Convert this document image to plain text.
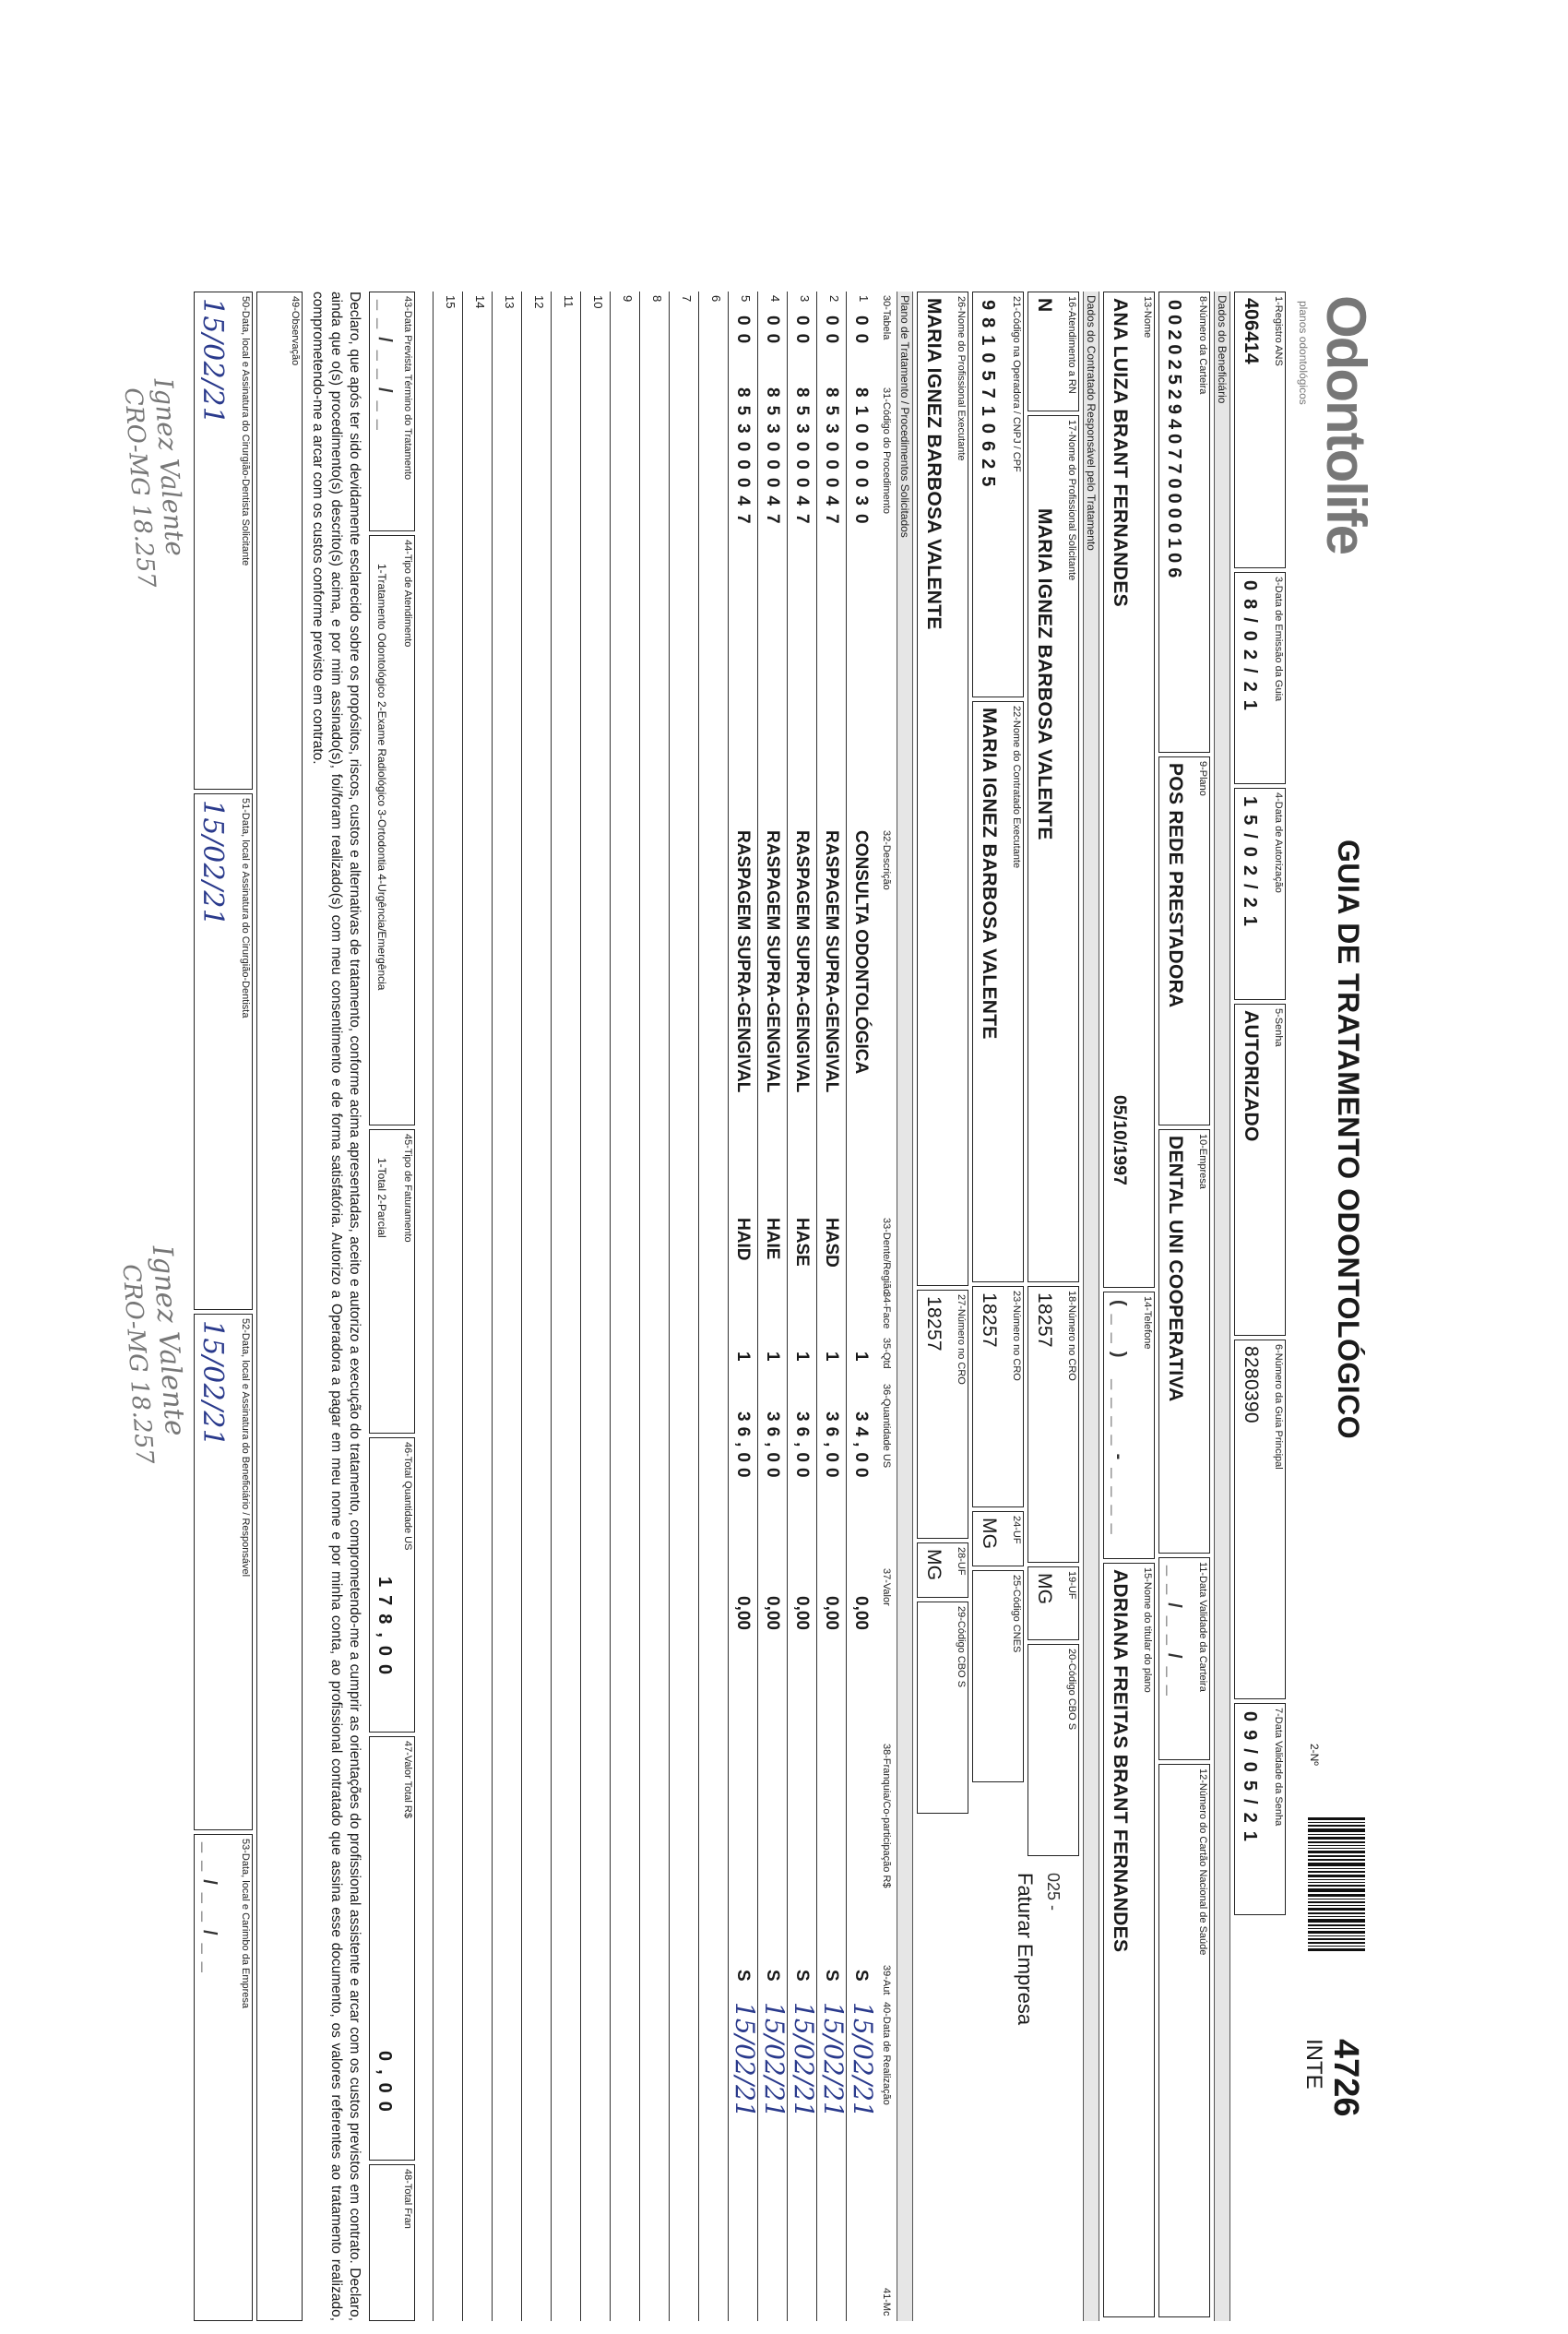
Odontolife
planos odontológicos
GUIA DE TRATAMENTO ODONTOLÓGICO
2-Nº
4726
INTE
1-Registro ANS
406414
3-Data de Emissão da Guia
08/02/21
4-Data de Autorização
15/02/21
5-Senha
AUTORIZADO
6-Número da Guia Principal
8280390
7-Data Validade da Senha
09/05/21
Dados do Beneficiário
8-Número da Carteira
0020252940770000106
9-Plano
POS REDE PRESTADORA
10-Empresa
DENTAL UNI COOPERATIVA
11-Data Validade da Carteira
__/__/__
12-Número do Cartão Nacional de Saúde
13-Nome
ANA LUIZA BRANT FERNANDES
05/10/1997
14-Telefone
(__) ____-____
15-Nome do titular do plano
ADRIANA FREITAS BRANT FERNANDES
Dados do Contratado Responsável pelo Tratamento
16-Atendimento a RN
N
17-Nome do Profissional Solicitante
MARIA IGNEZ BARBOSA VALENTE
18-Número no CRO
18257
19-UF
MG
20-Código CBO S
025 -
Faturar Empresa
21-Código na Operadora / CNPJ / CPF
98105710625
22-Nome do Contratado Executante
MARIA IGNEZ BARBOSA VALENTE
23-Número no CRO
18257
24-UF
MG
25-Código CNES
26-Nome do Profissional Executante
MARIA IGNEZ BARBOSA VALENTE
27-Número no CRO
18257
28-UF
MG
29-Código CBO S
Plano de Tratamento / Procedimentos Solicitados
30-Tabela
31-Código do Procedimento
32-Descrição
33-Dente/Região
34-Face
35-Qtd
36-Quantidade US
37-Valor
38-Franquia/Co-participação R$
39-Aut
40-Data de Realização
41-Mc
1
00
81000030
CONSULTA ODONTOLÓGICA
1
34,00
0,00
S
15/02/21
2
00
85300047
RASPAGEM SUPRA-GENGIVAL
HASD
1
36,00
0,00
S
15/02/21
3
00
85300047
RASPAGEM SUPRA-GENGIVAL
HASE
1
36,00
0,00
S
15/02/21
4
00
85300047
RASPAGEM SUPRA-GENGIVAL
HAIE
1
36,00
0,00
S
15/02/21
5
00
85300047
RASPAGEM SUPRA-GENGIVAL
HAID
1
36,00
0,00
S
15/02/21
6
7
8
9
10
11
12
13
14
15
43-Data Prevista Término do Tratamento
__/__/__
44-Tipo de Atendimento
1-Tratamento Odontológico 2-Exame Radiológico 3-Ortodontia 4-Urgência/Emergência
45-Tipo de Faturamento
1-Total 2-Parcial
46-Total Quantidade US
178,00
47-Valor Total R$
0,00
48-Total Fran
Declaro, que após ter sido devidamente esclarecido sobre os propósitos, riscos, custos e alternativas de tratamento, conforme acima apresentadas, aceito e autorizo a execução do tratamento, comprometendo-me a cumprir as orientações do profissional assistente e arcar com os custos previstos em contrato. Declaro, ainda que o(s) procedimento(s) descrito(s) acima, e por mim assinado(s), foi/foram realizado(s) com meu consentimento e de forma satisfatória. Autorizo a Operadora a pagar em meu nome e por minha conta, ao profissional contratado que assina esse documento, os valores referentes ao tratamento realizado, comprometendo-me a arcar com os custos conforme previsto em contrato.
49-Observação
50-Data, local e Assinatura do Cirurgião-Dentista Solicitante
15/02/21
51-Data, local e Assinatura do Cirurgião-Dentista
15/02/21
52-Data, local e Assinatura do Beneficiário / Responsável
15/02/21
53-Data, local e Carimbo da Empresa
__/__/__
Ignez Valente
CRO-MG 18.257
Ignez Valente
CRO-MG 18.257
